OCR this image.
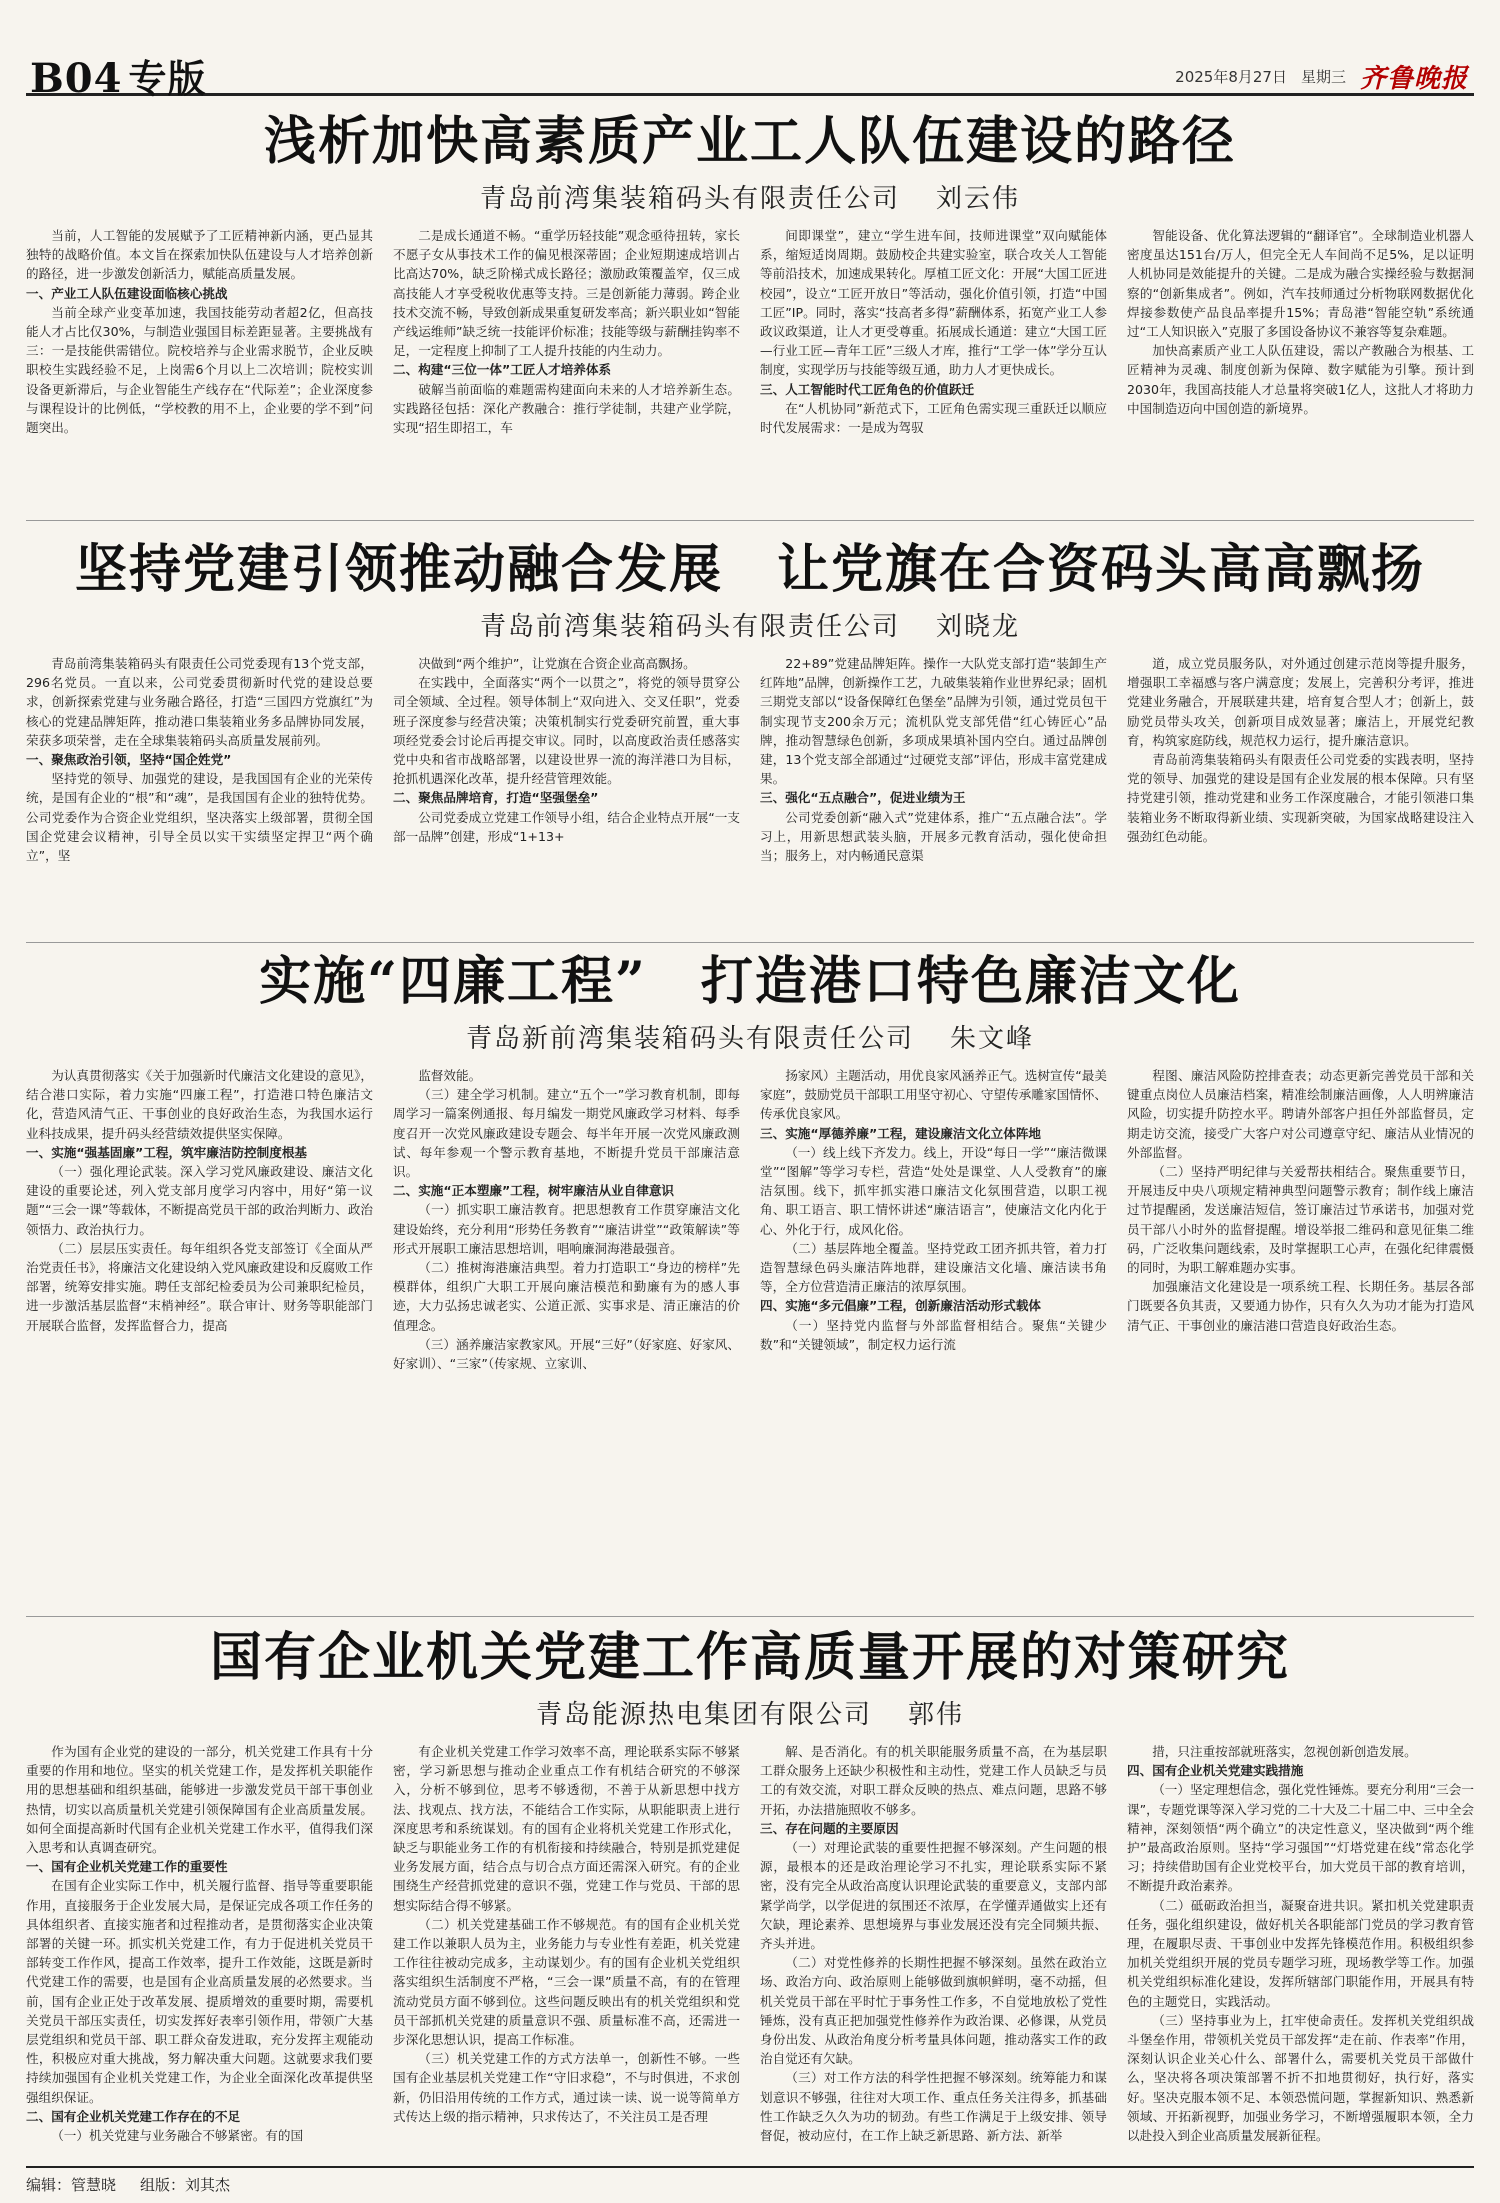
B04 专版	2025年8月27日 星期三 齐鲁晚报
浅析加快高素质产业工人队伍建设的路径
青岛前湾集装箱码头有限责任公司 刘云伟

当前，人工智能的发展赋予了工匠精神新内涵，更凸显其独特的战略价值。本文旨在探索加快队伍建设与人才培养创新的路径，进一步激发创新活力，赋能高质量发展。

一、产业工人队伍建设面临核心挑战

当前全球产业变革加速，我国技能劳动者超2亿，但高技能人才占比仅30%，与制造业强国目标差距显著。主要挑战有三：一是技能供需错位。院校培养与企业需求脱节，企业反映职校生实践经验不足，上岗需6个月以上二次培训；院校实训设备更新滞后，与企业智能生产线存在“代际差”；企业深度参与课程设计的比例低，“学校教的用不上，企业要的学不到”问题突出。

二是成长通道不畅。“重学历轻技能”观念亟待扭转，家长不愿子女从事技术工作的偏见根深蒂固；企业短期速成培训占比高达70%，缺乏阶梯式成长路径；激励政策覆盖窄，仅三成高技能人才享受税收优惠等支持。三是创新能力薄弱。跨企业技术交流不畅，导致创新成果重复研发率高；新兴职业如“智能产线运维师”缺乏统一技能评价标准；技能等级与薪酬挂钩率不足，一定程度上抑制了工人提升技能的内生动力。

二、构建“三位一体”工匠人才培养体系

破解当前面临的难题需构建面向未来的人才培养新生态。实践路径包括：深化产教融合：推行学徒制，共建产业学院，实现“招生即招工，车

间即课堂”，建立“学生进车间，技师进课堂”双向赋能体系，缩短适岗周期。鼓励校企共建实验室，联合攻关人工智能等前沿技术，加速成果转化。厚植工匠文化：开展“大国工匠进校园”，设立“工匠开放日”等活动，强化价值引领，打造“中国工匠”IP。同时，落实“技高者多得”薪酬体系，拓宽产业工人参政议政渠道，让人才更受尊重。拓展成长通道：建立“大国工匠—行业工匠—青年工匠”三级人才库，推行“工学一体”学分互认制度，实现学历与技能等级互通，助力人才更快成长。

三、人工智能时代工匠角色的价值跃迁

在“人机协同”新范式下，工匠角色需实现三重跃迁以顺应时代发展需求：一是成为驾驭

智能设备、优化算法逻辑的“翻译官”。全球制造业机器人密度虽达151台/万人，但完全无人车间尚不足5%，足以证明人机协同是效能提升的关键。二是成为融合实操经验与数据洞察的“创新集成者”。例如，汽车技师通过分析物联网数据优化焊接参数使产品良品率提升15%；青岛港“智能空轨”系统通过“工人知识嵌入”克服了多国设备协议不兼容等复杂难题。

加快高素质产业工人队伍建设，需以产教融合为根基、工匠精神为灵魂、制度创新为保障、数字赋能为引擎。预计到2030年，我国高技能人才总量将突破1亿人，这批人才将助力中国制造迈向中国创造的新境界。

坚持党建引领推动融合发展　让党旗在合资码头高高飘扬
青岛前湾集装箱码头有限责任公司 刘晓龙

青岛前湾集装箱码头有限责任公司党委现有13个党支部，296名党员。一直以来，公司党委贯彻新时代党的建设总要求，创新探索党建与业务融合路径，打造“三国四方党旗红”为核心的党建品牌矩阵，推动港口集装箱业务多品牌协同发展，荣获多项荣誉，走在全球集装箱码头高质量发展前列。

一、聚焦政治引领，坚持“国企姓党”

坚持党的领导、加强党的建设，是我国国有企业的光荣传统，是国有企业的“根”和“魂”，是我国国有企业的独特优势。公司党委作为合资企业党组织，坚决落实上级部署，贯彻全国国企党建会议精神，引导全员以实干实绩坚定捍卫“两个确立”，坚

决做到“两个维护”，让党旗在合资企业高高飘扬。

在实践中，全面落实“两个一以贯之”，将党的领导贯穿公司全领域、全过程。领导体制上“双向进入、交叉任职”，党委班子深度参与经营决策；决策机制实行党委研究前置，重大事项经党委会讨论后再提交审议。同时，以高度政治责任感落实党中央和省市战略部署，以建设世界一流的海洋港口为目标，抢抓机遇深化改革，提升经营管理效能。

二、聚焦品牌培育，打造“坚强堡垒”

公司党委成立党建工作领导小组，结合企业特点开展“一支部一品牌”创建，形成“1+13+

22+89”党建品牌矩阵。操作一大队党支部打造“装卸生产红阵地”品牌，创新操作工艺，九破集装箱作业世界纪录；固机三期党支部以“设备保障红色堡垒”品牌为引领，通过党员包干制实现节支200余万元；流机队党支部凭借“红心铸匠心”品牌，推动智慧绿色创新，多项成果填补国内空白。通过品牌创建，13个党支部全部通过“过硬党支部”评估，形成丰富党建成果。

三、强化“五点融合”，促进业绩为王

公司党委创新“融入式”党建体系，推广“五点融合法”。学习上，用新思想武装头脑，开展多元教育活动，强化使命担当；服务上，对内畅通民意渠

道，成立党员服务队，对外通过创建示范岗等提升服务，增强职工幸福感与客户满意度；发展上，完善积分考评，推进党建业务融合，开展联建共建，培育复合型人才；创新上，鼓励党员带头攻关，创新项目成效显著；廉洁上，开展党纪教育，构筑家庭防线，规范权力运行，提升廉洁意识。

青岛前湾集装箱码头有限责任公司党委的实践表明，坚持党的领导、加强党的建设是国有企业发展的根本保障。只有坚持党建引领，推动党建和业务工作深度融合，才能引领港口集装箱业务不断取得新业绩、实现新突破，为国家战略建设注入强劲红色动能。

实施“四廉工程”　打造港口特色廉洁文化
青岛新前湾集装箱码头有限责任公司 朱文峰

为认真贯彻落实《关于加强新时代廉洁文化建设的意见》，结合港口实际，着力实施“四廉工程”，打造港口特色廉洁文化，营造风清气正、干事创业的良好政治生态，为我国水运行业科技成果，提升码头经营绩效提供坚实保障。

一、实施“强基固廉”工程，筑牢廉洁防控制度根基

（一）强化理论武装。深入学习党风廉政建设、廉洁文化建设的重要论述，列入党支部月度学习内容中，用好“第一议题”“三会一课”等载体，不断提高党员干部的政治判断力、政治领悟力、政治执行力。

（二）层层压实责任。每年组织各党支部签订《全面从严治党责任书》，将廉洁文化建设纳入党风廉政建设和反腐败工作部署，统筹安排实施。聘任支部纪检委员为公司兼职纪检员，进一步激活基层监督“末梢神经”。联合审计、财务等职能部门开展联合监督，发挥监督合力，提高

监督效能。

（三）建全学习机制。建立“五个一”学习教育机制，即每周学习一篇案例通报、每月编发一期党风廉政学习材料、每季度召开一次党风廉政建设专题会、每半年开展一次党风廉政测试、每年参观一个警示教育基地，不断提升党员干部廉洁意识。

二、实施“正本塑廉”工程，树牢廉洁从业自律意识

（一）抓实职工廉洁教育。把思想教育工作贯穿廉洁文化建设始终，充分利用“形势任务教育”“廉洁讲堂”“政策解读”等形式开展职工廉洁思想培训，唱响廉洞海港最强音。

（二）推树海港廉洁典型。着力打造职工“身边的榜样”先模群体，组织广大职工开展向廉洁模范和勤廉有为的感人事迹，大力弘扬忠诚老实、公道正派、实事求是、清正廉洁的价值理念。

（三）涵养廉洁家教家风。开展“三好”（好家庭、好家风、好家训）、“三家”（传家规、立家训、

扬家风）主题活动，用优良家风涵养正气。选树宣传“最美家庭”，鼓励党员干部职工用坚守初心、守望传承雕家国情怀、传承优良家风。

三、实施“厚德养廉”工程，建设廉洁文化立体阵地

（一）线上线下齐发力。线上，开设“每日一学”“廉洁微课堂”“图解”等学习专栏，营造“处处是课堂、人人受教育”的廉洁氛围。线下，抓牢抓实港口廉洁文化氛围营造，以职工视角、职工语言、职工情怀讲述“廉洁语言”，使廉洁文化内化于心、外化于行，成风化俗。

（二）基层阵地全覆盖。坚持党政工团齐抓共管，着力打造智慧绿色码头廉洁阵地群，建设廉洁文化墙、廉洁读书角等，全方位营造清正廉洁的浓厚氛围。

四、实施“多元倡廉”工程，创新廉洁活动形式载体

（一）坚持党内监督与外部监督相结合。聚焦“关键少数”和“关键领域”，制定权力运行流

程图、廉洁风险防控排查表；动态更新完善党员干部和关键重点岗位人员廉洁档案，精准绘制廉洁画像，人人明辨廉洁风险，切实提升防控水平。聘请外部客户担任外部监督员，定期走访交流，接受广大客户对公司遵章守纪、廉洁从业情况的外部监督。

（二）坚持严明纪律与关爱帮扶相结合。聚焦重要节日，开展违反中央八项规定精神典型问题警示教育；制作线上廉洁过节提醒函，发送廉洁短信，签订廉洁过节承诺书，加强对党员干部八小时外的监督提醒。增设举报二维码和意见征集二维码，广泛收集问题线索，及时掌握职工心声，在强化纪律震慑的同时，为职工解难题办实事。

加强廉洁文化建设是一项系统工程、长期任务。基层各部门既要各负其责，又要通力协作，只有久久为功才能为打造风清气正、干事创业的廉洁港口营造良好政治生态。

国有企业机关党建工作高质量开展的对策研究
青岛能源热电集团有限公司 郭伟

作为国有企业党的建设的一部分，机关党建工作具有十分重要的作用和地位。坚实的机关党建工作，是发挥机关职能作用的思想基础和组织基础，能够进一步激发党员干部干事创业热情，切实以高质量机关党建引领保障国有企业高质量发展。如何全面提高新时代国有企业机关党建工作水平，值得我们深入思考和认真调查研究。

一、国有企业机关党建工作的重要性

在国有企业实际工作中，机关履行监督、指导等重要职能作用，直接服务于企业发展大局，是保证完成各项工作任务的具体组织者、直接实施者和过程推动者，是贯彻落实企业决策部署的关键一环。抓实机关党建工作，有力于促进机关党员干部转变工作作风，提高工作效率，提升工作效能，这既是新时代党建工作的需要，也是国有企业高质量发展的必然要求。当前，国有企业正处于改革发展、提质增效的重要时期，需要机关党员干部压实责任，切实发挥好表率引领作用，带领广大基层党组织和党员干部、职工群众奋发进取，充分发挥主观能动性，积极应对重大挑战，努力解决重大问题。这就要求我们要持续加强国有企业机关党建工作，为企业全面深化改革提供坚强组织保证。

二、国有企业机关党建工作存在的不足

（一）机关党建与业务融合不够紧密。有的国

有企业机关党建工作学习效率不高，理论联系实际不够紧密，学习新思想与推动企业重点工作有机结合研究的不够深入，分析不够到位，思考不够透彻，不善于从新思想中找方法、找观点、找方法，不能结合工作实际，从职能职责上进行深度思考和系统谋划。有的国有企业将机关党建工作形式化，缺乏与职能业务工作的有机衔接和持续融合，特别是抓党建促业务发展方面，结合点与切合点方面还需深入研究。有的企业围绕生产经营抓党建的意识不强，党建工作与党员、干部的思想实际结合得不够紧。

（二）机关党建基础工作不够规范。有的国有企业机关党建工作以兼职人员为主，业务能力与专业性有差距，机关党建工作往往被动完成多，主动谋划少。有的国有企业机关党组织落实组织生活制度不严格，“三会一课”质量不高，有的在管理流动党员方面不够到位。这些问题反映出有的机关党组织和党员干部抓机关党建的质量意识不强、质量标准不高，还需进一步深化思想认识，提高工作标准。

（三）机关党建工作的方式方法单一，创新性不够。一些国有企业基层机关党建工作“守旧求稳”，不与时俱进，不求创新，仍旧沿用传统的工作方式，通过读一读、说一说等简单方式传达上级的指示精神，只求传达了，不关注员工是否理

解、是否消化。有的机关职能服务质量不高，在为基层职工群众服务上还缺少积极性和主动性，党建工作人员缺乏与员工的有效交流，对职工群众反映的热点、难点问题，思路不够开拓，办法措施照收不够多。

三、存在问题的主要原因

（一）对理论武装的重要性把握不够深刻。产生问题的根源，最根本的还是政治理论学习不扎实，理论联系实际不紧密，没有完全从政治高度认识理论武装的重要意义，支部内部紧学尚学，以学促进的氛围还不浓厚，在学懂弄通做实上还有欠缺，理论素养、思想境界与事业发展还没有完全同频共振、齐头并进。

（二）对党性修养的长期性把握不够深刻。虽然在政治立场、政治方向、政治原则上能够做到旗帜鲜明，毫不动摇，但机关党员干部在平时忙于事务性工作多，不自觉地放松了党性锤炼，没有真正把加强党性修养作为政治课、必修课，从党员身份出发、从政治角度分析考量具体问题，推动落实工作的政治自觉还有欠缺。

（三）对工作方法的科学性把握不够深刻。统筹能力和谋划意识不够强，往往对大项工作、重点任务关注得多，抓基础性工作缺乏久久为功的韧劲。有些工作满足于上级安排、领导督促，被动应付，在工作上缺乏新思路、新方法、新举

措，只注重按部就班落实，忽视创新创造发展。

四、国有企业机关党建实践措施

（一）坚定理想信念，强化党性锤炼。要充分利用“三会一课”，专题党课等深入学习党的二十大及二十届二中、三中全会精神，深刻领悟“两个确立”的决定性意义，坚决做到“两个维护”最高政治原则。坚持“学习强国”“灯塔党建在线”常态化学习；持续借助国有企业党校平台，加大党员干部的教育培训，不断提升政治素养。

（二）砥砺政治担当，凝聚奋进共识。紧扣机关党建职责任务，强化组织建设，做好机关各职能部门党员的学习教育管理，在履职尽责、干事创业中发挥先锋模范作用。积极组织参加机关党组织开展的党员专题学习班，现场教学等工作。加强机关党组织标准化建设，发挥所辖部门职能作用，开展具有特色的主题党日，实践活动。

（三）坚持事业为上，扛牢使命责任。发挥机关党组织战斗堡垒作用，带领机关党员干部发挥“走在前、作表率”作用，深刻认识企业关心什么、部署什么，需要机关党员干部做什么，坚决将各项决策部署不折不扣地贯彻好，执行好，落实好。坚决克服本领不足、本领恐慌问题，掌握新知识、熟悉新领域、开拓新视野，加强业务学习，不断增强履职本领，全力以赴投入到企业高质量发展新征程。

编辑：管慧晓 组版：刘其杰
